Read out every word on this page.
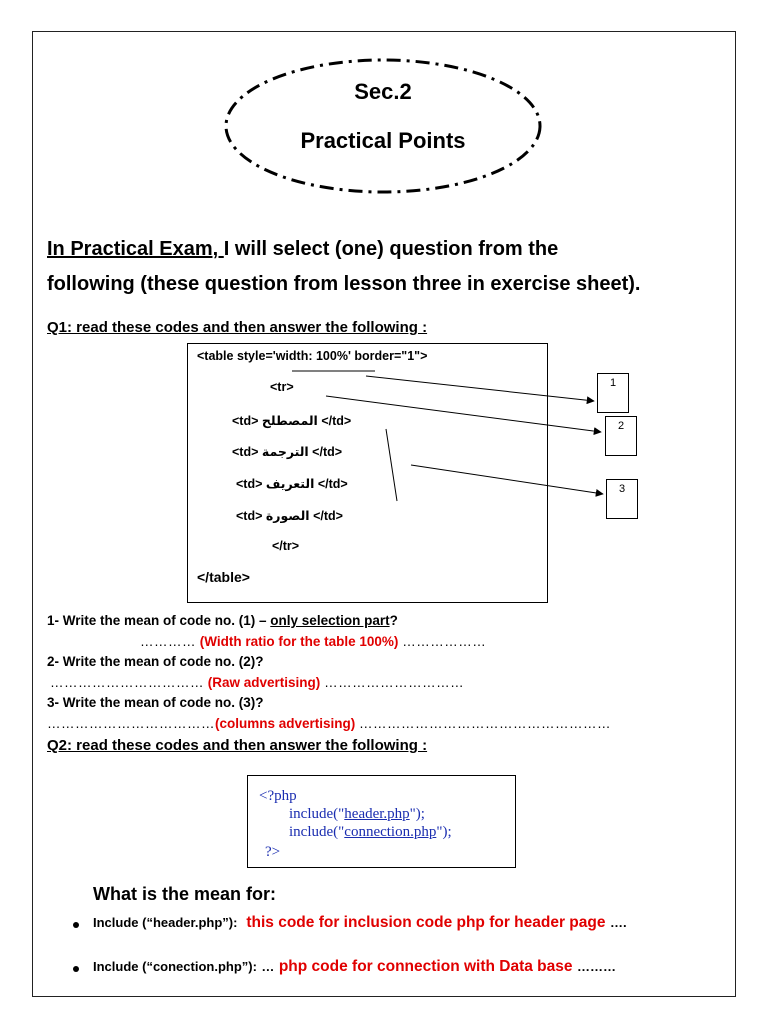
Sec.2
Practical Points
In Practical Exam, I will select (one) question from the
following (these question from lesson three in exercise sheet).
Q1: read these codes and then answer the following :
<table style='width: 100%' border="1">
<tr>
<td> المصطلح </td>
<td> الترجمة </td>
<td> التعريف </td>
<td> الصورة </td>
</tr>
</table>
1
2
3
1- Write the mean of code no. (1) – only selection part?
………… (Width ratio for the table 100%) ………………
2- Write the mean of code no. (2)?
…………………………… (Raw advertising) …………………………
3- Write the mean of code no. (3)?
………………………………(columns advertising) ………………………………………………
Q2: read these codes and then answer the following :
<?php
include("header.php");
include("connection.php");
?>
What is the mean for:
Include (“header.php”): this code for inclusion code php for header page ….
Include (“conection.php”): … php code for connection with Data base ………
